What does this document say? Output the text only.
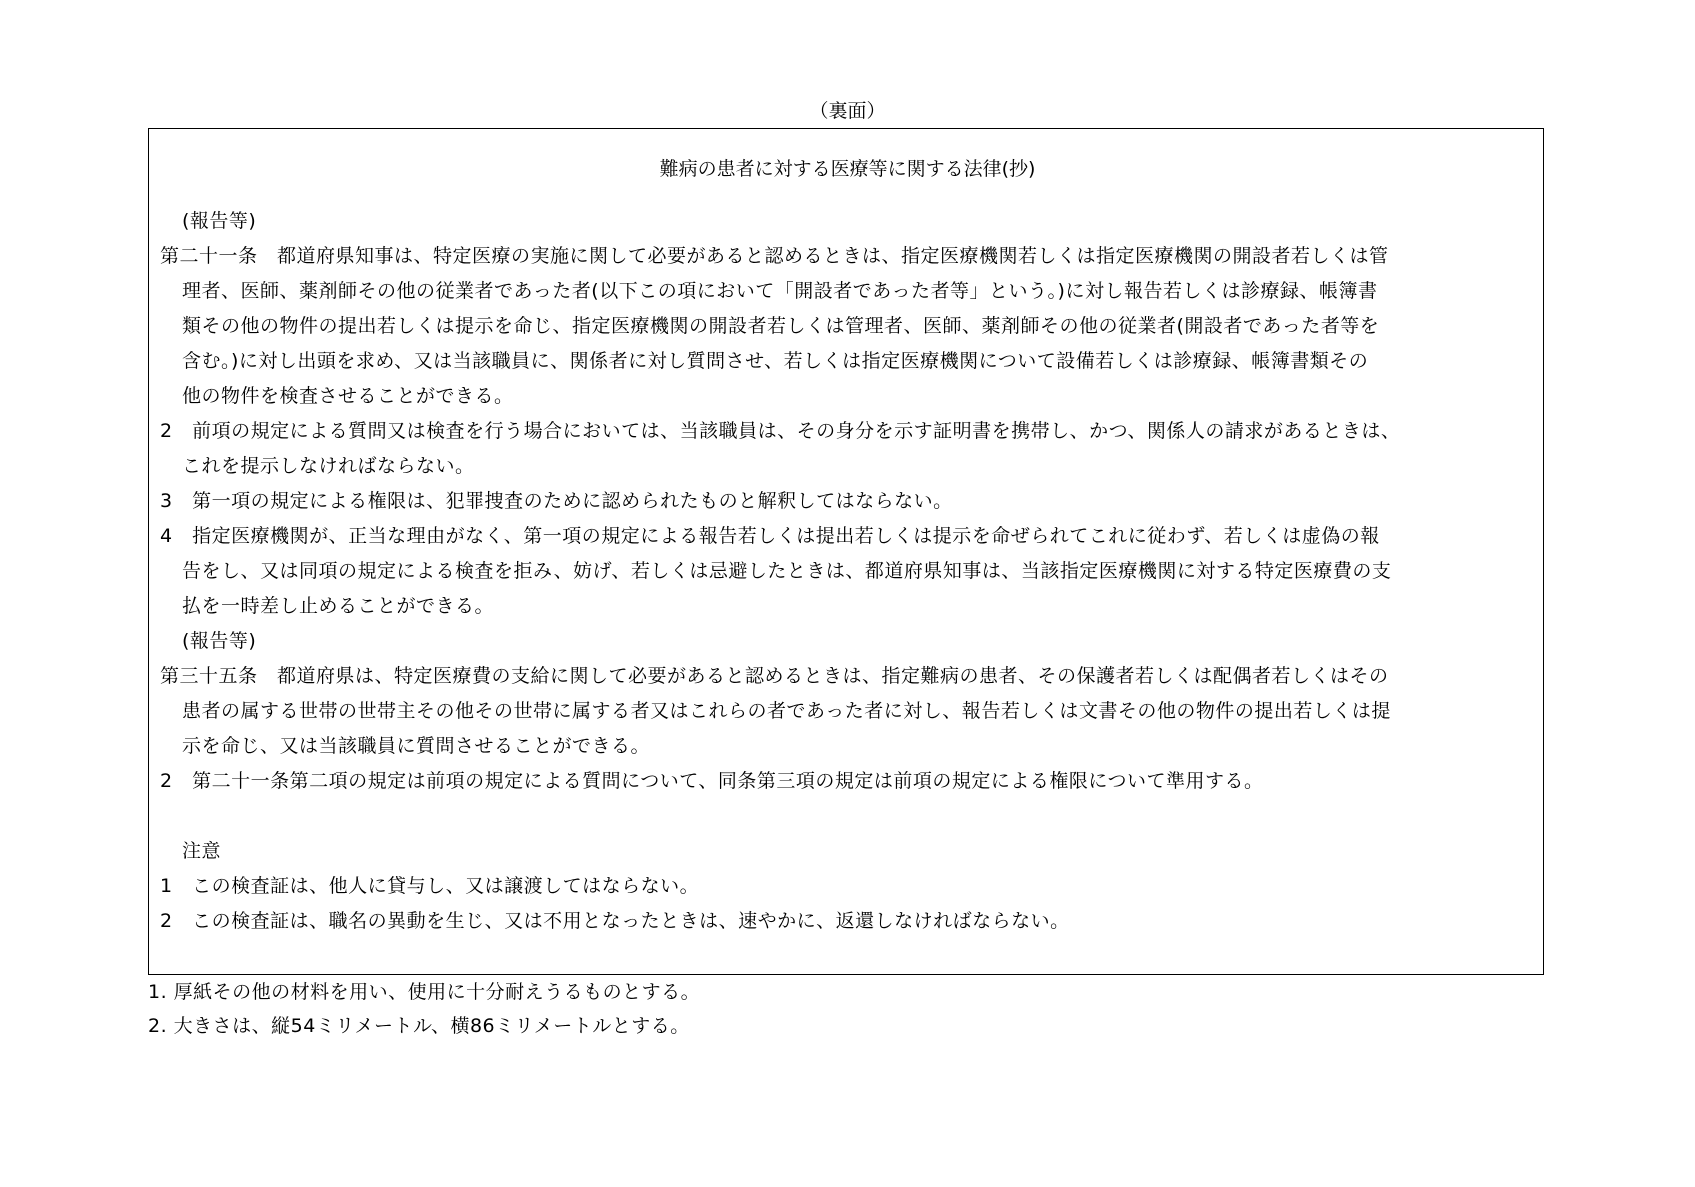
（裏面）
難病の患者に対する医療等に関する法律(抄)
(報告等)
第二十一条　都道府県知事は、特定医療の実施に関して必要があると認めるときは、指定医療機関若しくは指定医療機関の開設者若しくは管
理者、医師、薬剤師その他の従業者であった者(以下この項において「開設者であった者等」という。)に対し報告若しくは診療録、帳簿書
類その他の物件の提出若しくは提示を命じ、指定医療機関の開設者若しくは管理者、医師、薬剤師その他の従業者(開設者であった者等を
含む。)に対し出頭を求め、又は当該職員に、関係者に対し質問させ、若しくは指定医療機関について設備若しくは診療録、帳簿書類その
他の物件を検査させることができる。
2　前項の規定による質問又は検査を行う場合においては、当該職員は、その身分を示す証明書を携帯し、かつ、関係人の請求があるときは、
これを提示しなければならない。
3　第一項の規定による権限は、犯罪捜査のために認められたものと解釈してはならない。
4　指定医療機関が、正当な理由がなく、第一項の規定による報告若しくは提出若しくは提示を命ぜられてこれに従わず、若しくは虚偽の報
告をし、又は同項の規定による検査を拒み、妨げ、若しくは忌避したときは、都道府県知事は、当該指定医療機関に対する特定医療費の支
払を一時差し止めることができる。
(報告等)
第三十五条　都道府県は、特定医療費の支給に関して必要があると認めるときは、指定難病の患者、その保護者若しくは配偶者若しくはその
患者の属する世帯の世帯主その他その世帯に属する者又はこれらの者であった者に対し、報告若しくは文書その他の物件の提出若しくは提
示を命じ、又は当該職員に質問させることができる。
2　第二十一条第二項の規定は前項の規定による質問について、同条第三項の規定は前項の規定による権限について準用する。
注意
1　この検査証は、他人に貸与し、又は譲渡してはならない。
2　この検査証は、職名の異動を生じ、又は不用となったときは、速やかに、返還しなければならない。
1. 厚紙その他の材料を用い、使用に十分耐えうるものとする。
2. 大きさは、縦54ミリメートル、横86ミリメートルとする。
